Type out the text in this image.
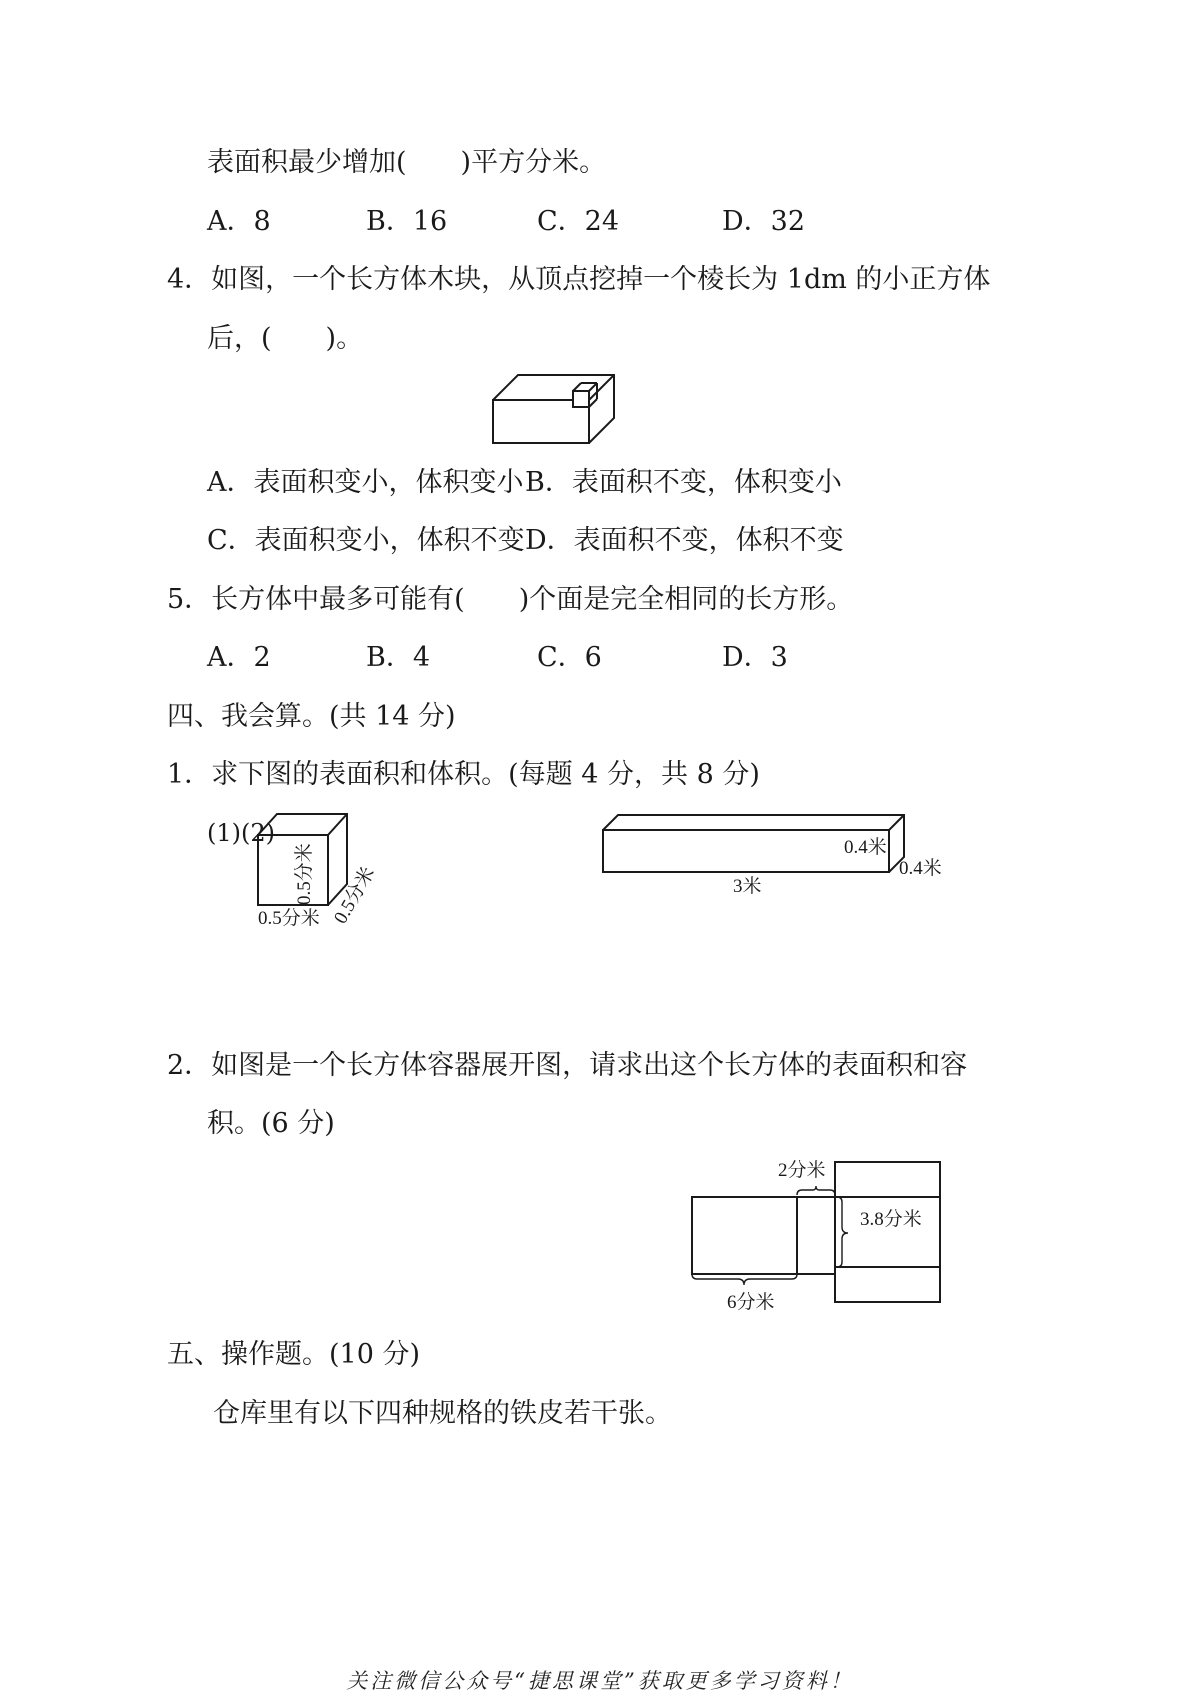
表面积最少增加(　　)平方分米。
A．8	B．16	C．24	D．32
4．如图，一个长方体木块，从顶点挖掉一个棱长为 1dm 的小正方体
后，(　　)。
A．表面积变小，体积变小 B．表面积不变，体积变小
C．表面积变小，体积不变 D．表面积不变，体积不变
5．长方体中最多可能有(　　)个面是完全相同的长方形。
A．2	B．4	C．6	D．3
四、我会算。(共 14 分)
1．求下图的表面积和体积。(每题 4 分，共 8 分)
(1)(2)
0.5分米 0.5分米
0.5分米
0.4米
0.4米
3米
2．如图是一个长方体容器展开图，请求出这个长方体的表面积和容
积。(6 分)
2分米
3.8分米
6分米
五、操作题。(10 分)
仓库里有以下四种规格的铁皮若干张。
关注微信公众号“捷思课堂”获取更多学习资料！
